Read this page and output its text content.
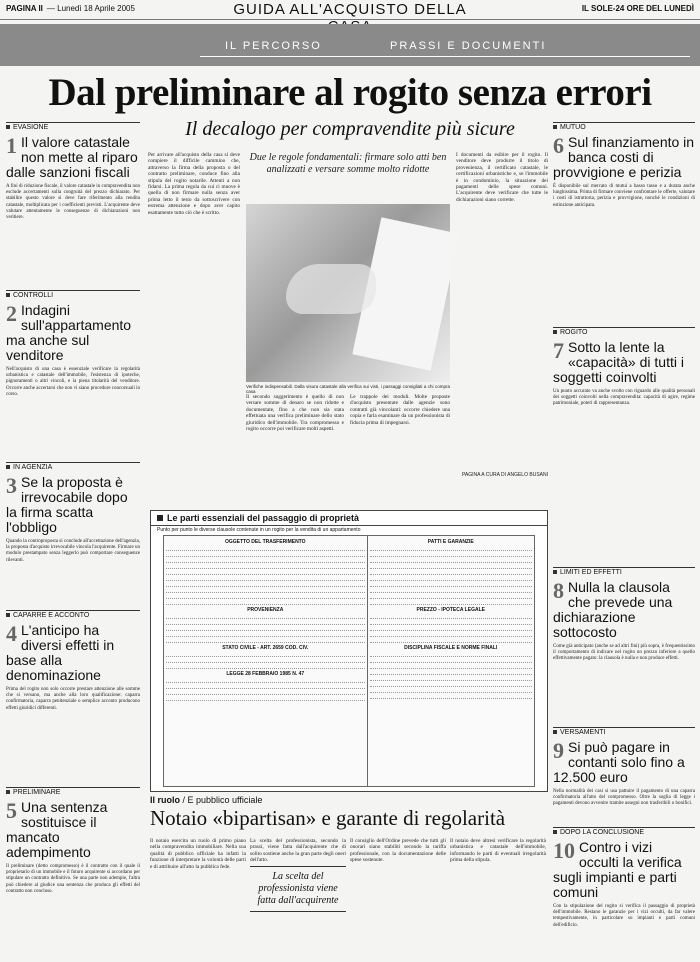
PAGINA II — Lunedì 18 Aprile 2005	GUIDA ALL'ACQUISTO DELLA	IL SOLE-24 ORE DEL LUNEDÌ
IL PERCORSO	PRASSI E DOCUMENTI
Dal preliminare al rogito senza errori
Il decalogo per compravendite più sicure
EVASIONE
1 Il valore catastale non mette al riparo dalle sanzioni fiscali
A fini di riduzione fiscale, il valore catastale in compravendita non esclude accertamenti sulla congruità del prezzo dichiarato. Per stabilire questo valore si deve fare riferimento alla rendita catastale, moltiplicata per i coefficienti previsti. L'acquirente deve valutare attentamente le conseguenze di dichiarazioni non veritiere.
CONTROLLI
2 Indagini sull'appartamento ma anche sul venditore
Nell'acquisto di una casa è essenziale verificare la regolarità urbanistica e catastale dell'immobile, l'esistenza di ipoteche, pignoramenti o altri vincoli, e la piena titolarità del venditore. Occorre anche accertarsi che non vi siano procedure concorsuali in corso.
IN AGENZIA
3 Se la proposta è irrevocabile dopo la firma scatta l'obbligo
Quando la controproposta si conclude all'accettazione dell'agenzia, la proposta d'acquisto irrevocabile vincola l'acquirente. Firmare un modulo prestampato senza leggerlo può comportare conseguenze rilevanti.
CAPARRE E ACCONTO
4 L'anticipo ha diversi effetti in base alla denominazione
Prima del rogito non solo occorre prestare attenzione alle somme che si versano, ma anche alla loro qualificazione: caparra confirmatoria, caparra penitenziale o semplice acconto producono effetti giuridici differenti.
PRELIMINARE
5 Una sentenza sostituisce il mancato adempimento
Il preliminare (detto compromesso) è il contratto con il quale il proprietario di un immobile e il futuro acquirente si accordano per stipulare un contratto definitivo. Se una parte non adempie, l'altra può chiedere al giudice una sentenza che produca gli effetti del contratto non concluso.
Per arrivare all'acquisto della casa si deve compiere il difficile cammino che, attraverso la firma della proposta o del contratto preliminare, conduce fino alla stipula del rogito notarile. Attenti a non fidarsi. La prima regola da cui ci muove è quella di non firmare nulla senza aver prima letto il testo da sottoscrivere con estrema attenzione e dopo aver capito esattamente tutto ciò che è scritto.
Due le regole fondamentali: firmare solo atti ben analizzati e versare somme molto ridotte
Verifiche indispensabili. Dalla visura catastale alla verifica sui visti, i passaggi consigliati a chi compra casa
Il secondo suggerimento è quello di non versare somme di denaro se non ridotte e documentate, fino a che non sia stata effettuata una verifica preliminare dello stato giuridico dell'immobile. Tra compromesso e rogito occorre poi verificare molti aspetti.
Le trappole dei moduli. Molte proposte d'acquisto presentate dalle agenzie sono contratti già vincolanti: occorre chiedere una copia e farla esaminare da un professionista di fiducia prima di impegnarsi.
I documenti da esibire per il rogito. Il venditore deve produrre il titolo di provenienza, il certificato catastale, le certificazioni urbanistiche e, se l'immobile è in condominio, la situazione dei pagamenti delle spese comuni. L'acquirente deve verificare che tutte le dichiarazioni siano corrette.
PAGINA A CURA DI ANGELO BUSANI
Le parti essenziali del passaggio di proprietà
Punto per punto le diverse clausole contenute in un rogito per la vendita di un appartamento
OGGETTO DEL TRASFERIMENTO
PROVENIENZA
STATO CIVILE - ART. 2659 COD. CIV.
LEGGE 28 FEBBRAIO 1985 N. 47
PATTI E GARANZIE
PREZZO - IPOTECA LEGALE
DISCIPLINA FISCALE E NORME FINALI
Il ruolo / E pubblico ufficiale
Notaio «bipartisan» e garante di regolarità
Il notaio esercita un ruolo di primo piano nella compravendita immobiliare. Nella sua qualità di pubblico ufficiale ha infatti la funzione di interpretare la volontà delle parti e di attribuire all'atto la pubblica fede.
La scelta del professionista, secondo la prassi, viene fatta dall'acquirente che di solito sostiene anche la gran parte degli oneri dell'atto.
La scelta del professionista viene fatta dall'acquirente
Il consiglio dell'Ordine prevede che tutti gli onorari siano stabiliti secondo la tariffa professionale, con la documentazione delle spese sostenute.
Il notaio deve altresì verificare la regolarità urbanistica e catastale dell'immobile, informando le parti di eventuali irregolarità prima della stipula.
MUTUO
6 Sul finanziamento in banca costi di provvigione e perizia
È disponibile sul mercato di mutui a basso tasso e a durata anche lunghissima. Prima di firmare conviene confrontare le offerte, valutare i costi di istruttoria, perizia e provvigione, nonché le condizioni di estinzione anticipata.
ROGITO
7 Sotto la lente la «capacità» di tutti i soggetti coinvolti
Un punto accurato va anche svolto con riguardo alle qualità personali dei soggetti coinvolti nella compravendita: capacità di agire, regime patrimoniale, poteri di rappresentanza.
LIMITI ED EFFETTI
8 Nulla la clausola che prevede una dichiarazione sottocosto
Come già anticipato (anche se ad altri fini) più sopra, è frequentissimo il comportamento di indicare nel rogito un prezzo inferiore a quello effettivamente pagato: la clausola è nulla e non produce effetti.
VERSAMENTI
9 Si può pagare in contanti solo fino a 12.500 euro
Nella normalità dei casi si usa pattuire il pagamento di una caparra confirmatoria all'atto del compromesso. Oltre la soglia di legge i pagamenti devono avvenire tramite assegni non trasferibili o bonifici.
DOPO LA CONCLUSIONE
10 Contro i vizi occulti la verifica sugli impianti e parti comuni
Con la stipulazione del rogito si verifica il passaggio di proprietà dell'immobile. Restano le garanzie per i vizi occulti, da far valere tempestivamente, in particolare su impianti e parti comuni dell'edificio.
